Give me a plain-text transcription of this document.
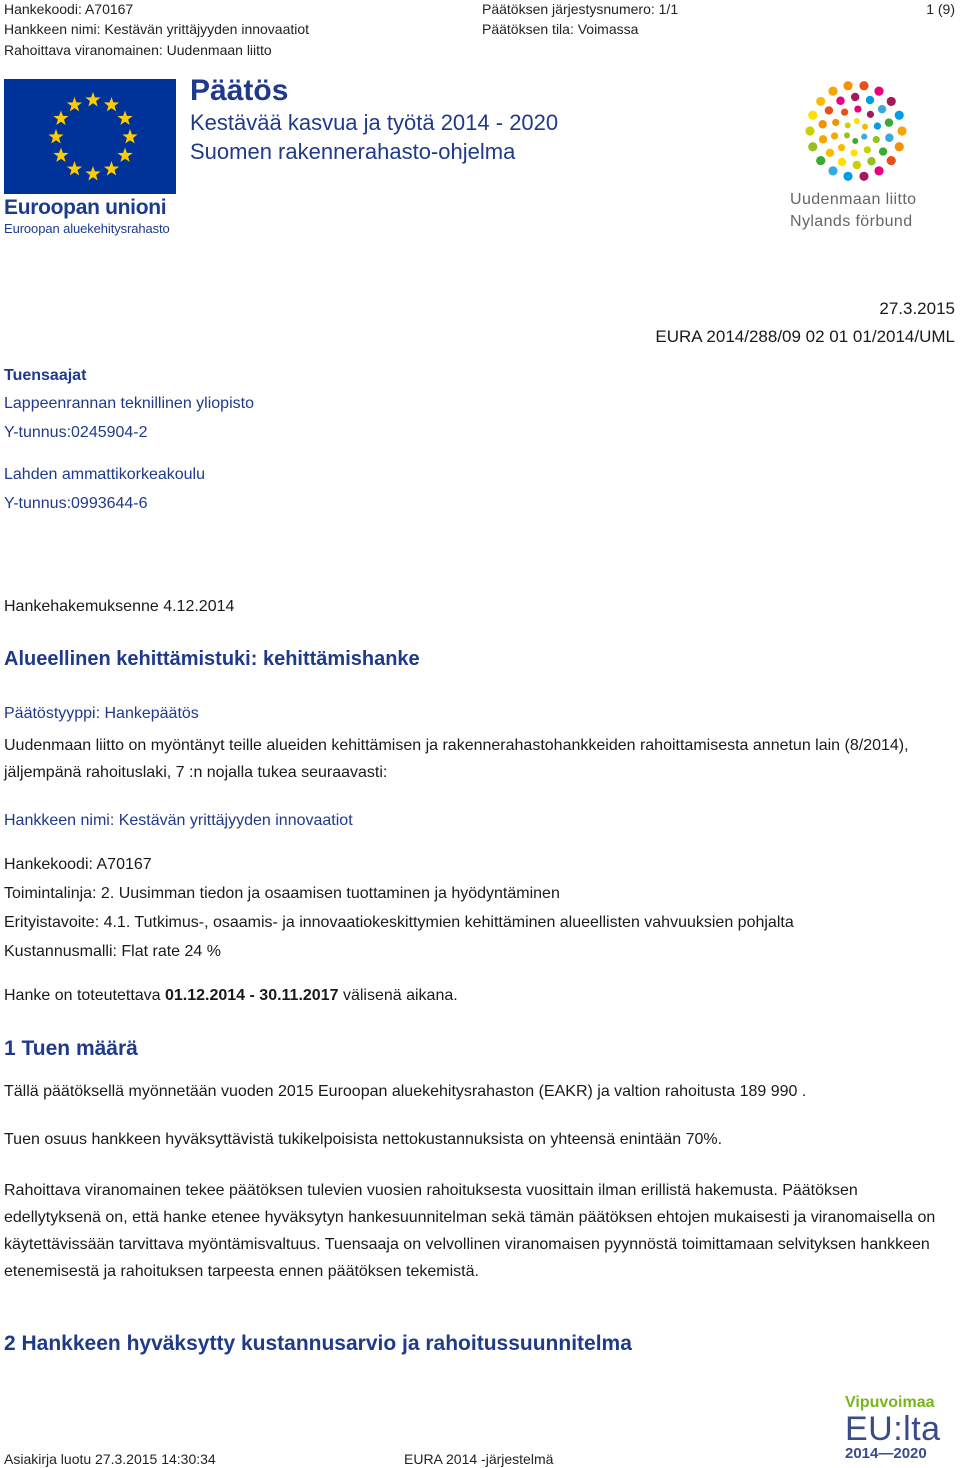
Hankekoodi: A70167
Hankkeen nimi: Kestävän yrittäjyyden innovaatiot
Rahoittava viranomainen: Uudenmaan liitto
Päätöksen järjestysnumero: 1/1
Päätöksen tila: Voimassa
1 (9)
Euroopan unioni
Euroopan aluekehitysrahasto
Päätös
Kestävää kasvua ja työtä 2014 - 2020
Suomen rakennerahasto-ohjelma
Uudenmaan liitto
Nylands förbund
27.3.2015
EURA 2014/288/09 02 01 01/2014/UML
Tuensaajat
Lappeenrannan teknillinen yliopisto
Y-tunnus:0245904-2
Lahden ammattikorkeakoulu
Y-tunnus:0993644-6
Hankehakemuksenne 4.12.2014
Alueellinen kehittämistuki: kehittämishanke
Päätöstyyppi: Hankepäätös
Uudenmaan liitto on myöntänyt teille alueiden kehittämisen ja rakennerahastohankkeiden rahoittamisesta annetun lain (8/2014), jäljempänä rahoituslaki, 7 :n nojalla tukea seuraavasti:
Hankkeen nimi: Kestävän yrittäjyyden innovaatiot
Hankekoodi: A70167
Toimintalinja: 2. Uusimman tiedon ja osaamisen tuottaminen ja hyödyntäminen
Erityistavoite: 4.1. Tutkimus-, osaamis- ja innovaatiokeskittymien kehittäminen alueellisten vahvuuksien pohjalta
Kustannusmalli: Flat rate 24 %
Hanke on toteutettava 01.12.2014 - 30.11.2017 välisenä aikana.
1 Tuen määrä
Tällä päätöksellä myönnetään vuoden 2015 Euroopan aluekehitysrahaston (EAKR) ja valtion rahoitusta 189 990 .
Tuen osuus hankkeen hyväksyttävistä tukikelpoisista nettokustannuksista on yhteensä enintään 70%.
Rahoittava viranomainen tekee päätöksen tulevien vuosien rahoituksesta vuosittain ilman erillistä hakemusta. Päätöksen edellytyksenä on, että hanke etenee hyväksytyn hankesuunnitelman sekä tämän päätöksen ehtojen mukaisesti ja viranomaisella on käytettävissään tarvittava myöntämisvaltuus. Tuensaaja on velvollinen viranomaisen pyynnöstä toimittamaan selvityksen hankkeen etenemisestä ja rahoituksen tarpeesta ennen päätöksen tekemistä.
2 Hankkeen hyväksytty kustannusarvio ja rahoitussuunnitelma
Asiakirja luotu 27.3.2015 14:30:34	EURA 2014 -järjestelmä
Vipuvoimaa
EU:lta
2014—2020
